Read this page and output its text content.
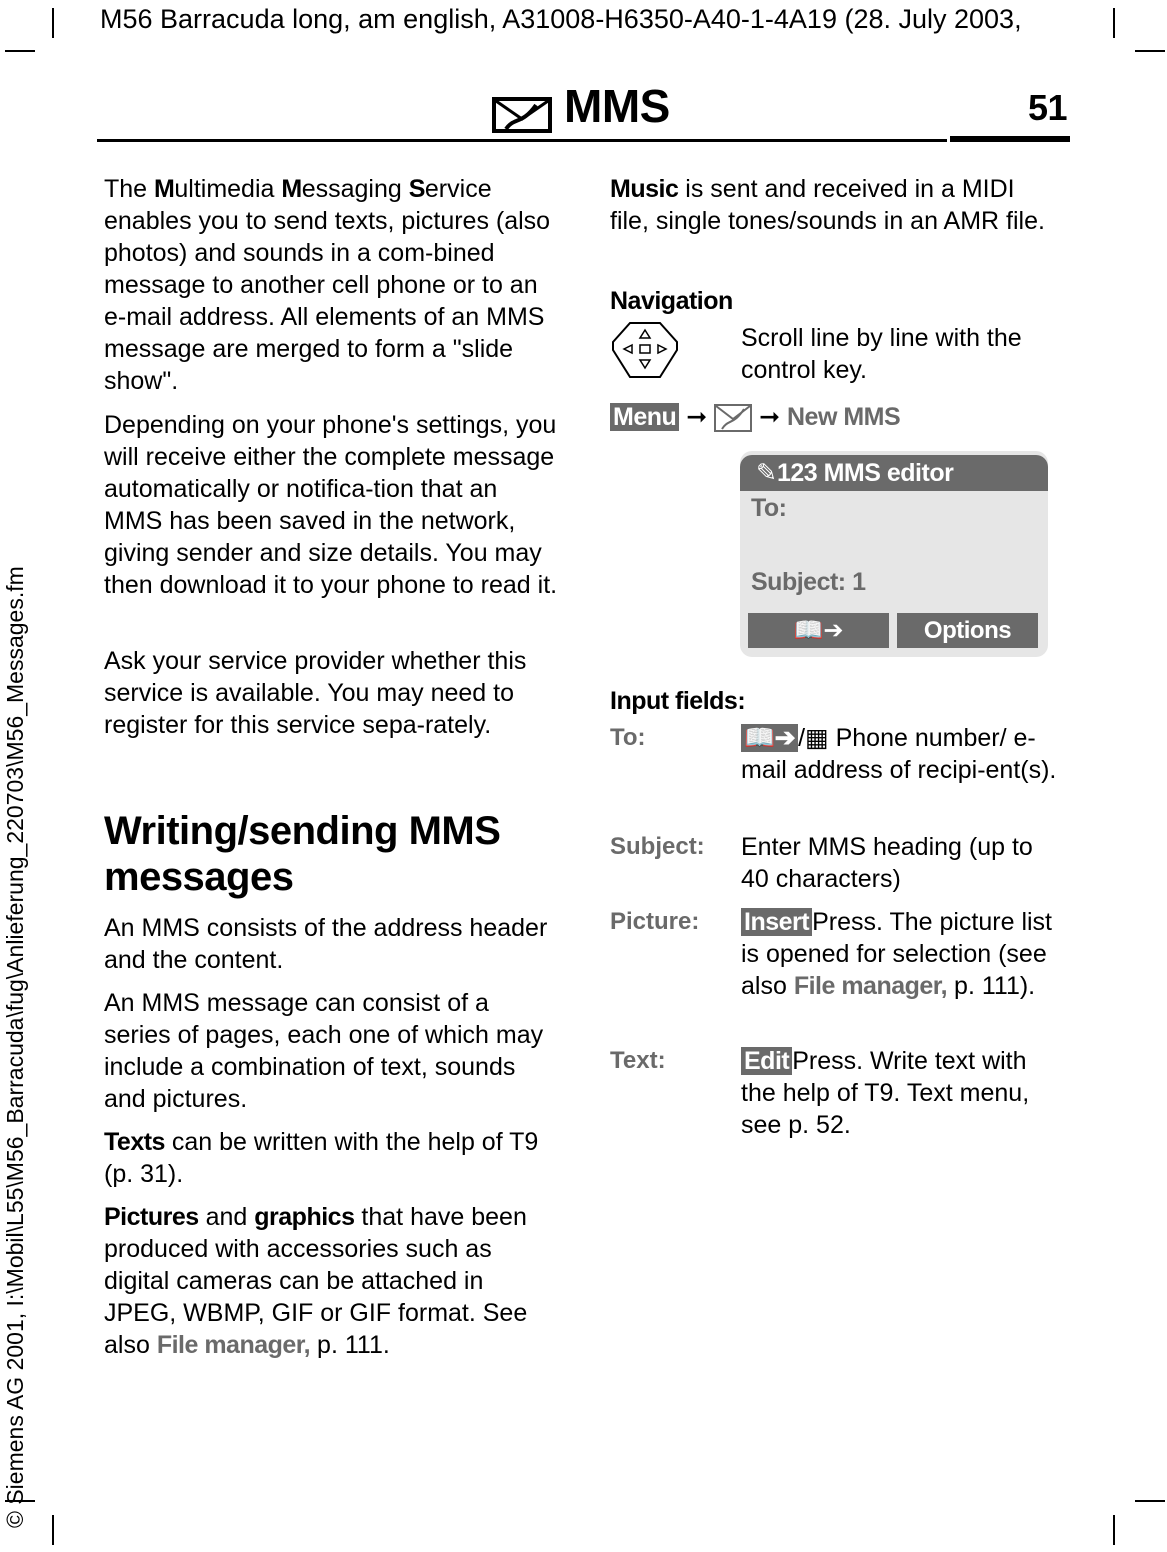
M56 Barracuda long, am english, A31008-H6350-A40-1-4A19 (28. July 2003,
© Siemens AG 2001, I:\Mobil\L55\M56_Barracuda\fug\Anlieferung_220703\M56_Messages.fm
MMS	51
The Multimedia Messaging Service enables you to send texts, pictures (also photos) and sounds in a com-bined message to another cell phone or to an e-mail address. All elements of an MMS message are merged to form a "slide show".
Depending on your phone's settings, you will receive either the complete message automatically or notifica-tion that an MMS has been saved in the network, giving sender and size details. You may then download it to your phone to read it.
Ask your service provider whether this service is available. You may need to register for this service sepa-rately.
Writing/sending MMS messages
An MMS consists of the address header and the content.
An MMS message can consist of a series of pages, each one of which may include a combination of text, sounds and pictures.
Texts can be written with the help of T9 (p. 31).
Pictures and graphics that have been produced with accessories such as digital cameras can be attached in JPEG, WBMP, GIF or GIF format. See also File manager, p. 111.
Music is sent and received in a MIDI file, single tones/sounds in an AMR file.
Navigation
Scroll line by line with the control key.
Menu ➞ ➞ New MMS
✎123 MMS editor
To:
Subject: 1
📖➔	Options
Input fields:
To:	📖➔ /▦ Phone number/ e-mail address of recipi-ent(s).
Subject: Enter MMS heading (up to 40 characters)
Picture: Insert Press. The picture list is opened for selection (see also File manager, p. 111).
Text:	Edit Press. Write text with the help of T9. Text menu, see p. 52.
